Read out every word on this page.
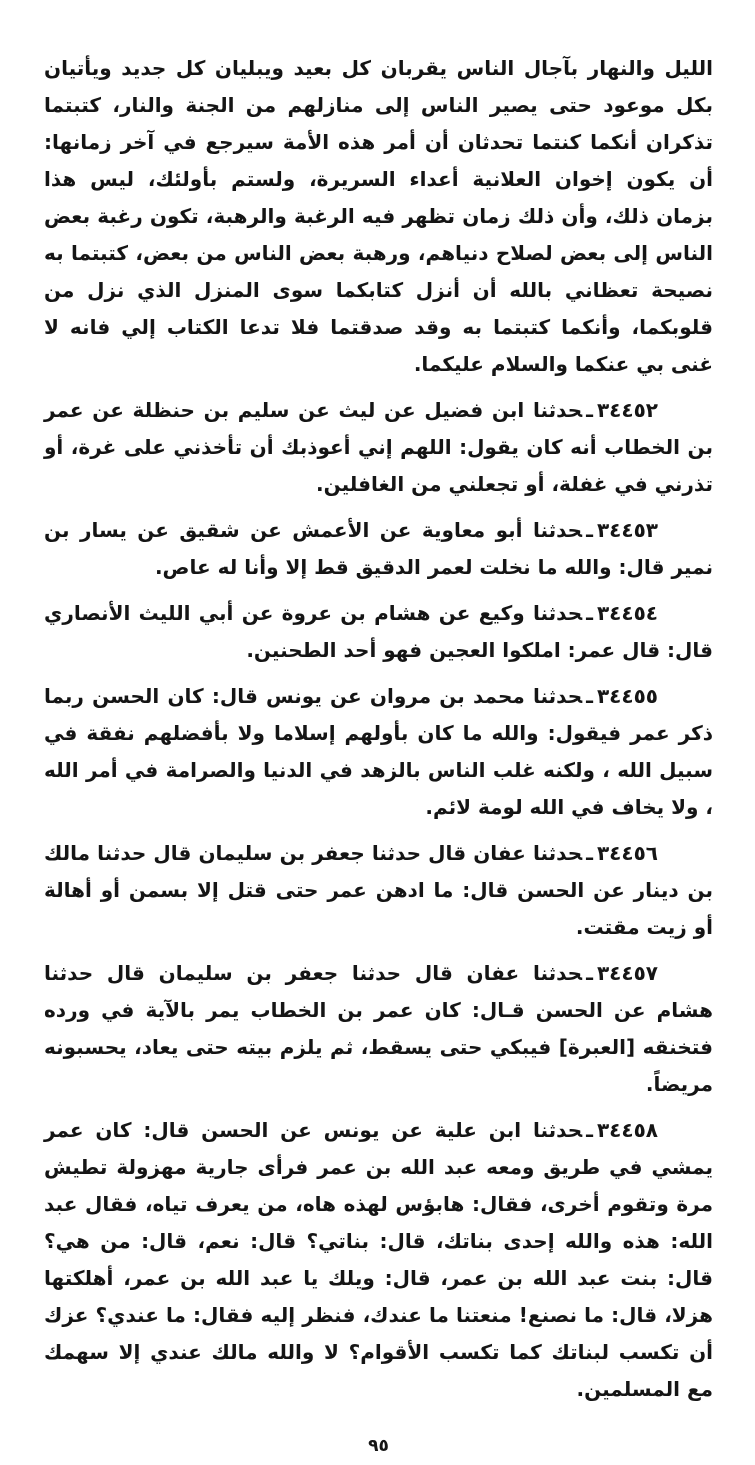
الليل والنهار بآجال الناس يقربان كل بعيد ويبليان كل جديد ويأتيان بكل موعود حتى يصير الناس إلى منازلهم من الجنة والنار، كتبتما تذكران أنكما كنتما تحدثان أن أمر هذه الأمة سيرجع في آخر زمانها: أن يكون إخوان العلانية أعداء السريرة، ولستم بأولئك، ليس هذا بزمان ذلك، وأن ذلك زمان تظهر فيه الرغبة والرهبة، تكون رغبة بعض الناس إلى بعض لصلاح دنياهم، ورهبة بعض الناس من بعض، كتبتما به نصيحة تعظاني بالله أن أنزل كتابكما سوى المنزل الذي نزل من قلوبكما، وأنكما كتبتما به وقد صدقتما فلا تدعا الكتاب إلي فانه لا غنى بي عنكما والسلام عليكما.

٣٤٤٥٢ـحدثنا ابن فضيل عن ليث عن سليم بن حنظلة عن عمر بن الخطاب أنه كان يقول: اللهم إني أعوذبك أن تأخذني على غرة، أو تذرني في غفلة، أو تجعلني من الغافلين.

٣٤٤٥٣ـحدثنا أبو معاوية عن الأعمش عن شقيق عن يسار بن نمير قال: والله ما نخلت لعمر الدقيق قط إلا وأنا له عاص.

٣٤٤٥٤ـحدثنا وكيع عن هشام بن عروة عن أبي الليث الأنصاري قال: قال عمر: املكوا العجين فهو أحد الطحنين.

٣٤٤٥٥ـحدثنا محمد بن مروان عن يونس قال: كان الحسن ربما ذكر عمر فيقول: والله ما كان بأولهم إسلاما ولا بأفضلهم نفقة في سبيل الله ، ولكنه غلب الناس بالزهد في الدنيا والصرامة في أمر الله ، ولا يخاف في الله لومة لائم.

٣٤٤٥٦ـحدثنا عفان قال حدثنا جعفر بن سليمان قال حدثنا مالك بن دينار عن الحسن قال: ما ادهن عمر حتى قتل إلا بسمن أو أهالة أو زيت مقتت.

٣٤٤٥٧ـحدثنا عفان قال حدثنا جعفر بن سليمان قال حدثنا هشام عن الحسن قـال: كان عمر بن الخطاب يمر بالآية في ورده فتخنقه [العبرة] فيبكي حتى يسقط، ثم يلزم بيته حتى يعاد، يحسبونه مريضاً.

٣٤٤٥٨ـحدثنا ابن علية عن يونس عن الحسن قال: كان عمر يمشي في طريق ومعه عبد الله بن عمر فرأى جارية مهزولة تطيش مرة وتقوم أخرى، فقال: هابؤس لهذه هاه، من يعرف تياه، فقال عبد الله: هذه والله إحدى بناتك، قال: بناتي؟ قال: نعم، قال: من هي؟ قال: بنت عبد الله بن عمر، قال: ويلك يا عبد الله بن عمر، أهلكتها هزلا، قال: ما نصنع! منعتنا ما عندك، فنظر إليه فقال: ما عندي؟ عزك أن تكسب لبناتك كما تكسب الأقوام؟ لا والله مالك عندي إلا سهمك مع المسلمين.

٩٥
